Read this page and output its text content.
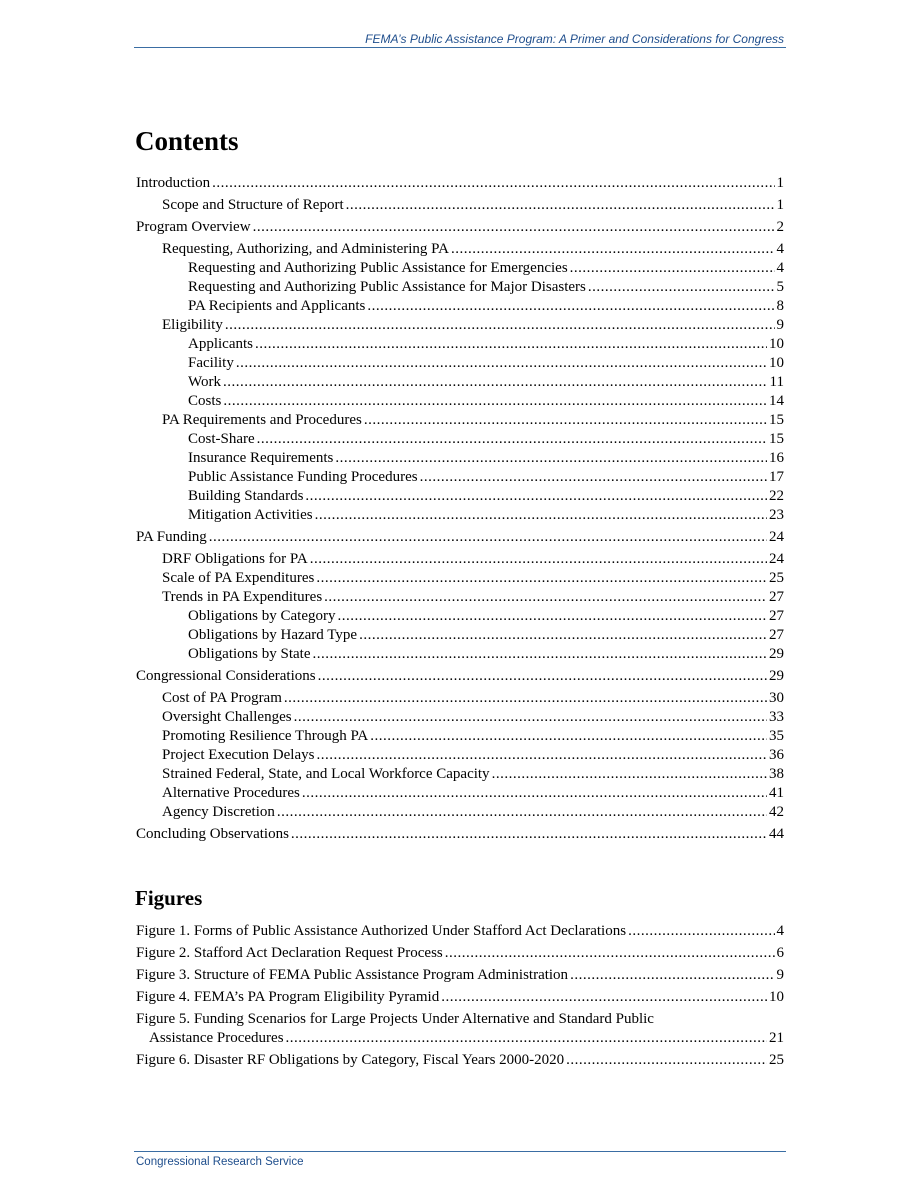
FEMA’s Public Assistance Program: A Primer and Considerations for Congress
Contents
Introduction .....	1
Scope and Structure of Report .....	1
Program Overview .....	2
Requesting, Authorizing, and Administering PA .....	4
Requesting and Authorizing Public Assistance for Emergencies .....	4
Requesting and Authorizing Public Assistance for Major Disasters .....	5
PA Recipients and Applicants .....	8
Eligibility .....	9
Applicants .....	10
Facility .....	10
Work .....	11
Costs .....	14
PA Requirements and Procedures .....	15
Cost-Share .....	15
Insurance Requirements .....	16
Public Assistance Funding Procedures .....	17
Building Standards .....	22
Mitigation Activities .....	23
PA Funding .....	24
DRF Obligations for PA .....	24
Scale of PA Expenditures .....	25
Trends in PA Expenditures .....	27
Obligations by Category .....	27
Obligations by Hazard Type .....	27
Obligations by State .....	29
Congressional Considerations .....	29
Cost of PA Program .....	30
Oversight Challenges .....	33
Promoting Resilience Through PA .....	35
Project Execution Delays .....	36
Strained Federal, State, and Local Workforce Capacity .....	38
Alternative Procedures .....	41
Agency Discretion .....	42
Concluding Observations .....	44
Figures
Figure 1. Forms of Public Assistance Authorized Under Stafford Act Declarations .....	4
Figure 2. Stafford Act Declaration Request Process .....	6
Figure 3. Structure of FEMA Public Assistance Program Administration .....	9
Figure 4. FEMA’s PA Program Eligibility Pyramid .....	10
Figure 5. Funding Scenarios for Large Projects Under Alternative and Standard Public
Assistance Procedures .....	21
Figure 6. Disaster RF Obligations by Category, Fiscal Years 2000-2020 .....	25
Congressional Research Service
